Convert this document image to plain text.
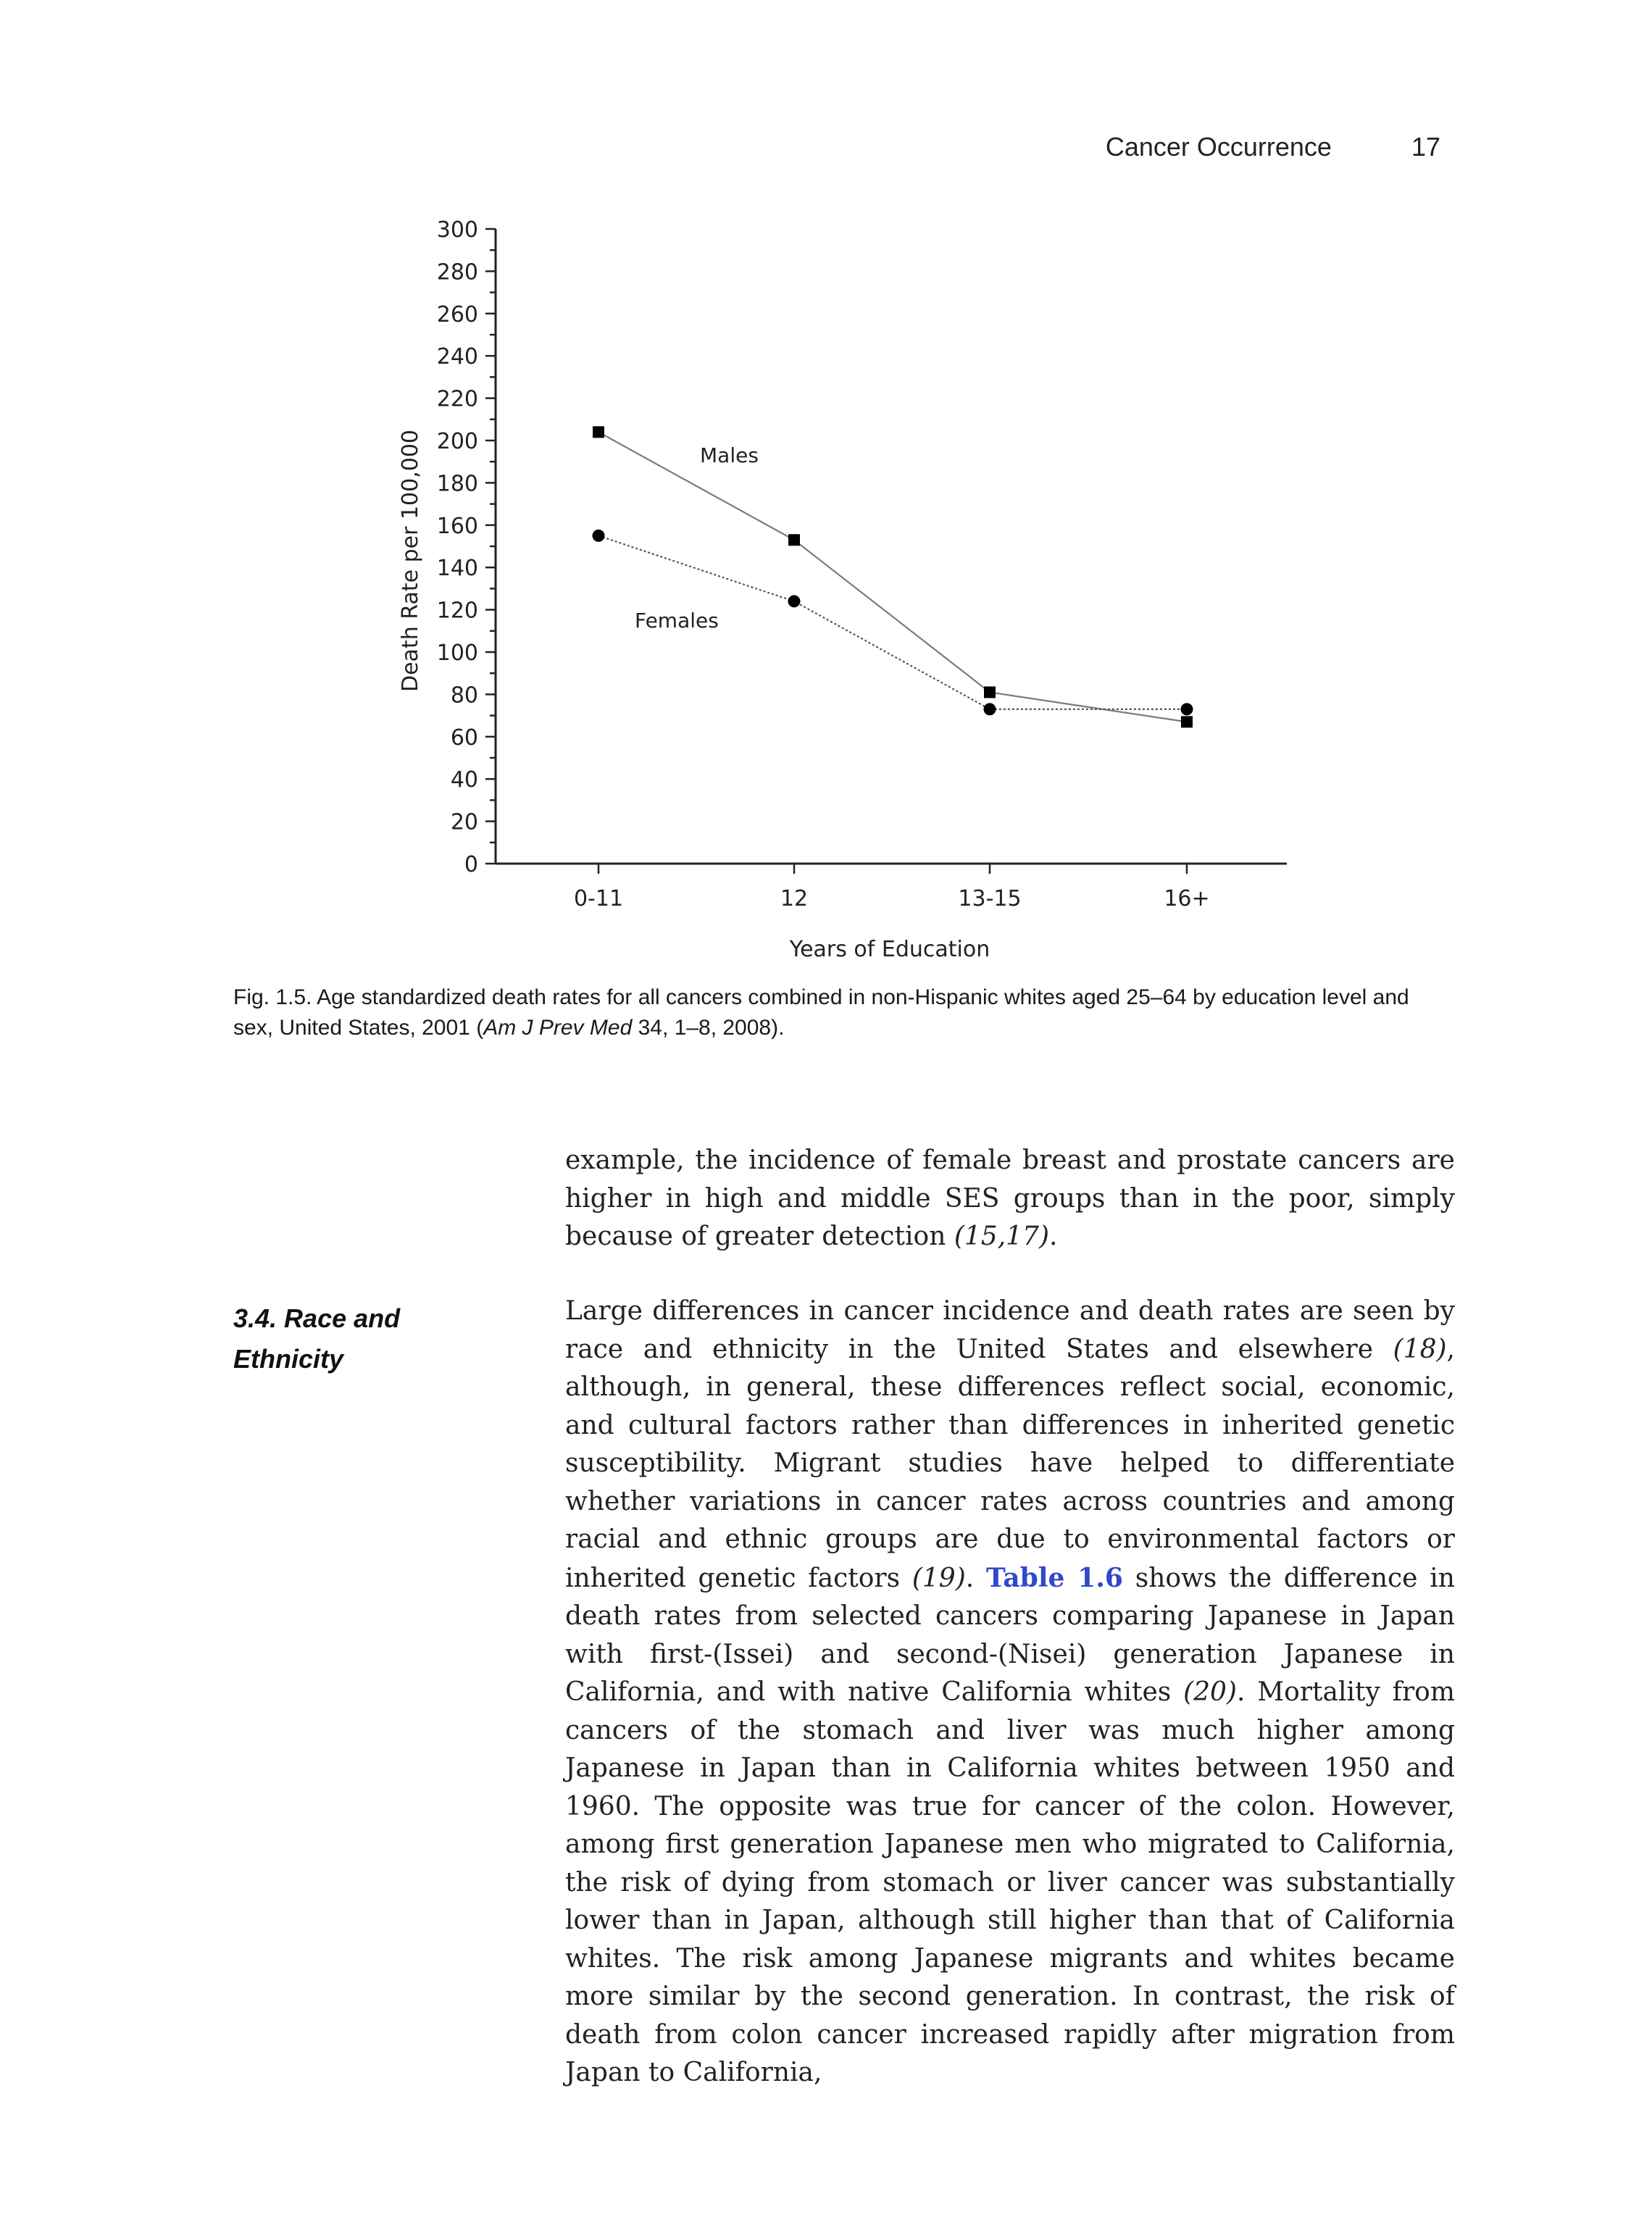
Cancer Occurrence	17
0
20
40
60
80
100
120
140
160
180
200
220
240
260
280
300
0-11	12	13-15	16+
Years of Education
Death Rate per 100,000	Males
Females
Fig. 1.5. Age standardized death rates for all cancers combined in non-Hispanic whites aged 25–64 by education level and sex, United States, 2001 (Am J Prev Med 34, 1–8, 2008).

example, the incidence of female breast and prostate cancers are higher in high and middle SES groups than in the poor, simply because of greater detection (15,17).

3.4. Race and Ethnicity

Large differences in cancer incidence and death rates are seen by race and ethnicity in the United States and elsewhere (18), although, in general, these differences reflect social, economic, and cultural factors rather than differences in inherited genetic susceptibility. Migrant studies have helped to differentiate whether variations in cancer rates across countries and among racial and ethnic groups are due to environmental factors or inherited genetic factors (19). Table 1.6 shows the difference in death rates from selected cancers comparing Japanese in Japan with first-(Issei) and second-(Nisei) generation Japanese in California, and with native California whites (20). Mortality from cancers of the stomach and liver was much higher among Japanese in Japan than in California whites between 1950 and 1960. The opposite was true for cancer of the colon. However, among first generation Japanese men who migrated to California, the risk of dying from stomach or liver cancer was substantially lower than in Japan, although still higher than that of California whites. The risk among Japanese migrants and whites became more similar by the second generation. In contrast, the risk of death from colon cancer increased rapidly after migration from Japan to California,
